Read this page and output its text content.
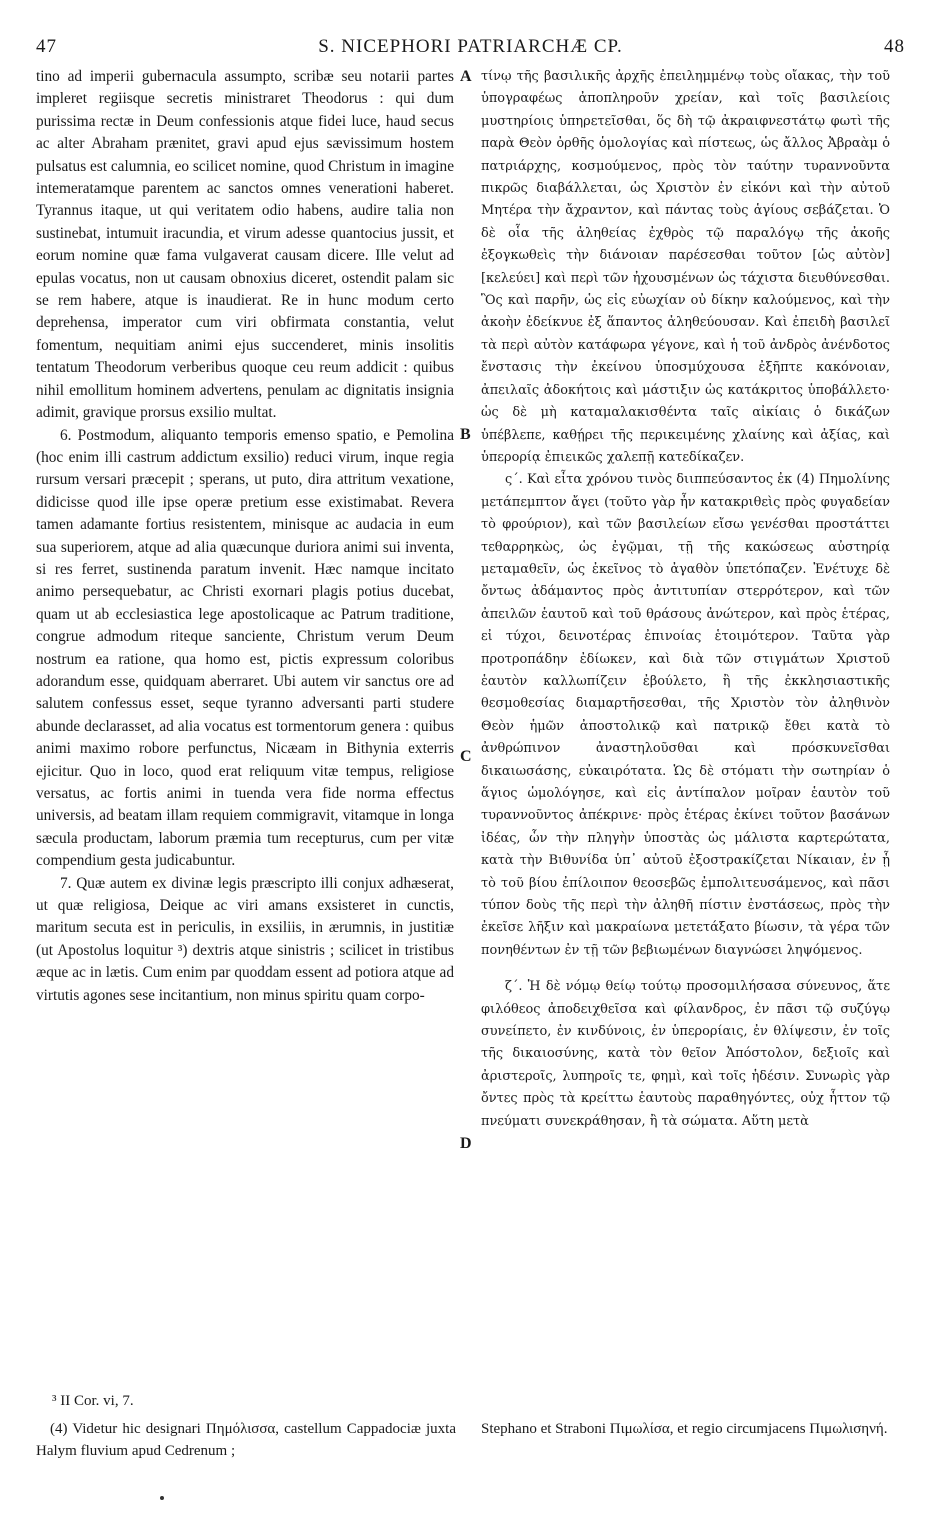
47	S. NICEPHORI PATRIARCHÆ CP.	48

tino ad imperii gubernacula assumpto, scribæ seu notarii partes impleret regiisque secretis ministraret Theodorus : qui dum purissima rectæ in Deum confessionis atque fidei luce, haud secus ac alter Abraham prænitet, gravi apud ejus sævissimum hostem pulsatus est calumnia, eo scilicet nomine, quod Christum in imagine intemeratamque parentem ac sanctos omnes venerationi haberet. Tyrannus itaque, ut qui veritatem odio habens, audire talia non sustinebat, intumuit iracundia, et virum adesse quantocius jussit, et eorum nomine quæ fama vulgaverat causam dicere. Ille velut ad epulas vocatus, non ut causam obnoxius diceret, ostendit palam sic se rem habere, atque is inaudierat. Re in hunc modum certo deprehensa, imperator cum viri obfirmata constantia, velut fomentum, nequitiam animi ejus succenderet, minis insolitis tentatum Theodorum verberibus quoque ceu reum addicit : quibus nihil emollitum hominem advertens, penulam ac dignitatis insignia adimit, gravique prorsus exsilio multat.

6. Postmodum, aliquanto temporis emenso spatio, e Pemolina (hoc enim illi castrum addictum exsilio) reduci virum, inque regia rursum versari præcepit ; sperans, ut puto, dira attritum vexatione, didicisse quod ille ipse operæ pretium esse existimabat. Revera tamen adamante fortius resistentem, minisque ac audacia in eum sua superiorem, atque ad alia quæcunque duriora animi sui inventa, si res ferret, sustinenda paratum invenit. Hæc namque incitato animo persequebatur, ac Christi exornari plagis potius ducebat, quam ut ab ecclesiastica lege apostolicaque ac Patrum traditione, congrue admodum riteque sanciente, Christum verum Deum nostrum ea ratione, qua homo est, pictis expressum coloribus adorandum esse, quidquam aberraret. Ubi autem vir sanctus ore ad salutem confessus esset, seque tyranno adversanti parti studere abunde declarasset, ad alia vocatus est tormentorum genera : quibus animi maximo robore perfunctus, Nicæam in Bithynia exterris ejicitur. Quo in loco, quod erat reliquum vitæ tempus, religiose versatus, ac fortis animi in tuenda vera fide norma effectus universis, ad beatam illam requiem commigravit, vitamque in longa sæcula productam, laborum præmia tum recepturus, cum per vitæ compendium gesta judicabuntur.

7. Quæ autem ex divinæ legis præscripto illi conjux adhæserat, ut quæ religiosa, Deique ac viri amans exsisteret in cunctis, maritum secuta est in periculis, in exsiliis, in ærumnis, in justitiæ (ut Apostolus loquitur ³) dextris atque sinistris ; scilicet in tristibus æque ac in lætis. Cum enim par quoddam essent ad potiora atque ad virtutis agones sese incitantium, non minus spiritu quam corpo-

A
B
C
D

τίνῳ τῆς βασιλικῆς ἀρχῆς ἐπειλημμένῳ τοὺς οἴακας, τὴν τοῦ ὑπογραφέως ἀποπληροῦν χρείαν, καὶ τοῖς βασιλείοις μυστηρίοις ὑπηρετεῖσθαι, ὅς δὴ τῷ ἀκραιφνεστάτῳ φωτὶ τῆς παρὰ Θεὸν ὀρθῆς ὁμολογίας καὶ πίστεως, ὡς ἄλλος Ἀβραὰμ ὁ πατριάρχης, κοσμούμενος, πρὸς τὸν ταύτην τυραννοῦντα πικρῶς διαβάλλεται, ὡς Χριστὸν ἐν εἰκόνι καὶ τὴν αὐτοῦ Μητέρα τὴν ἄχραντον, καὶ πάντας τοὺς ἁγίους σεβάζεται. Ὁ δὲ οἷα τῆς ἀληθείας ἐχθρὸς τῷ παραλόγῳ τῆς ἀκοῆς ἐξογκωθεὶς τὴν διάνοιαν παρέσεσθαι τοῦτον [ὡς αὐτὸν] [κελεύει] καὶ περὶ τῶν ἠχουσμένων ὡς τάχιστα διευθύνεσθαι. Ὃς καὶ παρῆν, ὡς εἰς εὐωχίαν οὐ δίκην καλούμενος, καὶ τὴν ἀκοὴν ἐδείκνυε ἐξ ἅπαντος ἀληθεύουσαν. Καὶ ἐπειδὴ βασιλεῖ τὰ περὶ αὐτὸν κατάφωρα γέγονε, καὶ ἡ τοῦ ἀνδρὸς ἀνένδοτος ἔνστασις τὴν ἐκείνου ὑποσμύχουσα ἐξῆπτε κακόνοιαν, ἀπειλαῖς ἀδοκήτοις καὶ μάστιξιν ὡς κατάκριτος ὑποβάλλετο· ὡς δὲ μὴ καταμαλακισθέντα ταῖς αἰκίαις ὁ δικάζων ὑπέβλεπε, καθῄρει τῆς περικειμένης χλαίνης καὶ ἀξίας, καὶ ὑπερορίᾳ ἐπιεικῶς χαλεπῇ κατεδίκαζεν.

ς΄. Καὶ εἶτα χρόνου τινὸς διιππεύσαντος ἐκ (4) Πημολίνης μετάπεμπτον ἄγει (τοῦτο γὰρ ἦν κατακριθεὶς πρὸς φυγαδείαν τὸ φρούριον), καὶ τῶν βασιλείων εἴσω γενέσθαι προστάττει τεθαρρηκὼς, ὡς ἐγῷμαι, τῇ τῆς κακώσεως αὐστηρίᾳ μεταμαθεῖν, ὡς ἐκεῖνος τὸ ἀγαθὸν ὑπετόπαζεν. Ἐνέτυχε δὲ ὄντως ἀδάμαντος πρὸς ἀντιτυπίαν στερρότερον, καὶ τῶν ἀπειλῶν ἑαυτοῦ καὶ τοῦ θράσους ἀνώτερον, καὶ πρὸς ἑτέρας, εἰ τύχοι, δεινοτέρας ἐπινοίας ἑτοιμότερον. Ταῦτα γὰρ προτροπάδην ἐδίωκεν, καὶ διὰ τῶν στιγμάτων Χριστοῦ ἑαυτὸν καλλωπίζειν ἐβούλετο, ἢ τῆς ἐκκλησιαστικῆς θεσμοθεσίας διαμαρτῆσεσθαι, τῆς Χριστὸν τὸν ἀληθινὸν Θεὸν ἡμῶν ἀποστολικῷ καὶ πατρικῷ ἔθει κατὰ τὸ ἀνθρώπινον ἀναστηλοῦσθαι καὶ πρόσκυνεῖσθαι δικαιωσάσης, εὐκαιρότατα. Ὡς δὲ στόματι τὴν σωτηρίαν ὁ ἅγιος ὡμολόγησε, καὶ εἰς ἀντίπαλον μοῖραν ἑαυτὸν τοῦ τυραννοῦντος ἀπέκρινε· πρὸς ἑτέρας ἐκίνει τοῦτον βασάνων ἰδέας, ὧν τὴν πληγὴν ὑποστὰς ὡς μάλιστα καρτερώτατα, κατὰ τὴν Βιθυνίδα ὑπ᾽ αὐτοῦ ἐξοστρακίζεται Νίκαιαν, ἐν ᾗ τὸ τοῦ βίου ἐπίλοιπον θεοσεβῶς ἐμπολιτευσάμενος, καὶ πᾶσι τύπον δοὺς τῆς περὶ τὴν ἀληθῆ πίστιν ἐνστάσεως, πρὸς τὴν ἐκεῖσε λῆξιν καὶ μακραίωνα μετετάξατο βίωσιν, τὰ γέρα τῶν πονηθέντων ἐν τῇ τῶν βεβιωμένων διαγνώσει ληψόμενος.

ζ΄. Ἡ δὲ νόμῳ θείῳ τούτῳ προσομιλήσασα σύνευνος, ἅτε φιλόθεος ἀποδειχθεῖσα καὶ φίλανδρος, ἐν πᾶσι τῷ συζύγῳ συνείπετο, ἐν κινδύνοις, ἐν ὑπερορίαις, ἐν θλίψεσιν, ἐν τοῖς τῆς δικαιοσύνης, κατὰ τὸν θεῖον Ἀπόστολον, δεξιοῖς καὶ ἀριστεροῖς, λυπηροῖς τε, φημὶ, καὶ τοῖς ἡδέσιν. Συνωρὶς γὰρ ὄντες πρὸς τὰ κρείττω ἑαυτοὺς παραθηγόντες, οὐχ ἧττον τῷ πνεύματι συνεκράθησαν, ἢ τὰ σώματα. Αὕτη μετὰ

³ II Cor. vi, 7.
(4) Videtur hic designari Πημόλισσα, castellum Cappadociæ juxta Halym fluvium apud Cedrenum ;
Stephano et Straboni Πιμωλίσα, et regio circumjacens Πιμωλισηνή.
